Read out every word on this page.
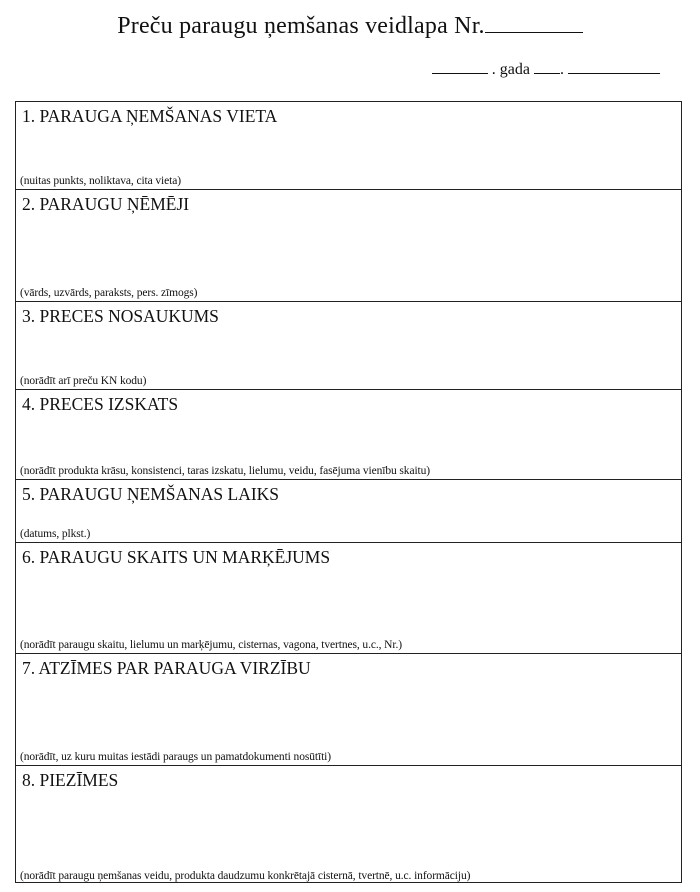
Preču paraugu ņemšanas veidlapa Nr.
. gada .
1. PARAUGA ŅEMŠANAS VIETA
(nuitas punkts, noliktava, cita vieta)
2. PARAUGU ŅĒMĒJI
(vārds, uzvārds, paraksts, pers. zīmogs)
3. PRECES NOSAUKUMS
(norādīt arī preču KN kodu)
4. PRECES IZSKATS
(norādīt produkta krāsu, konsistenci, taras izskatu, lielumu, veidu, fasējuma vienību skaitu)
5. PARAUGU ŅEMŠANAS LAIKS
(datums, plkst.)
6. PARAUGU SKAITS UN MARĶĒJUMS
(norādīt paraugu skaitu, lielumu un marķējumu, cisternas, vagona, tvertnes, u.c., Nr.)
7. ATZĪMES PAR PARAUGA VIRZĪBU
(norādīt, uz kuru muitas iestādi paraugs un pamatdokumenti nosūtīti)
8. PIEZĪMES
(norādīt paraugu ņemšanas veidu, produkta daudzumu konkrētajā cisternā, tvertnē, u.c. informāciju)
